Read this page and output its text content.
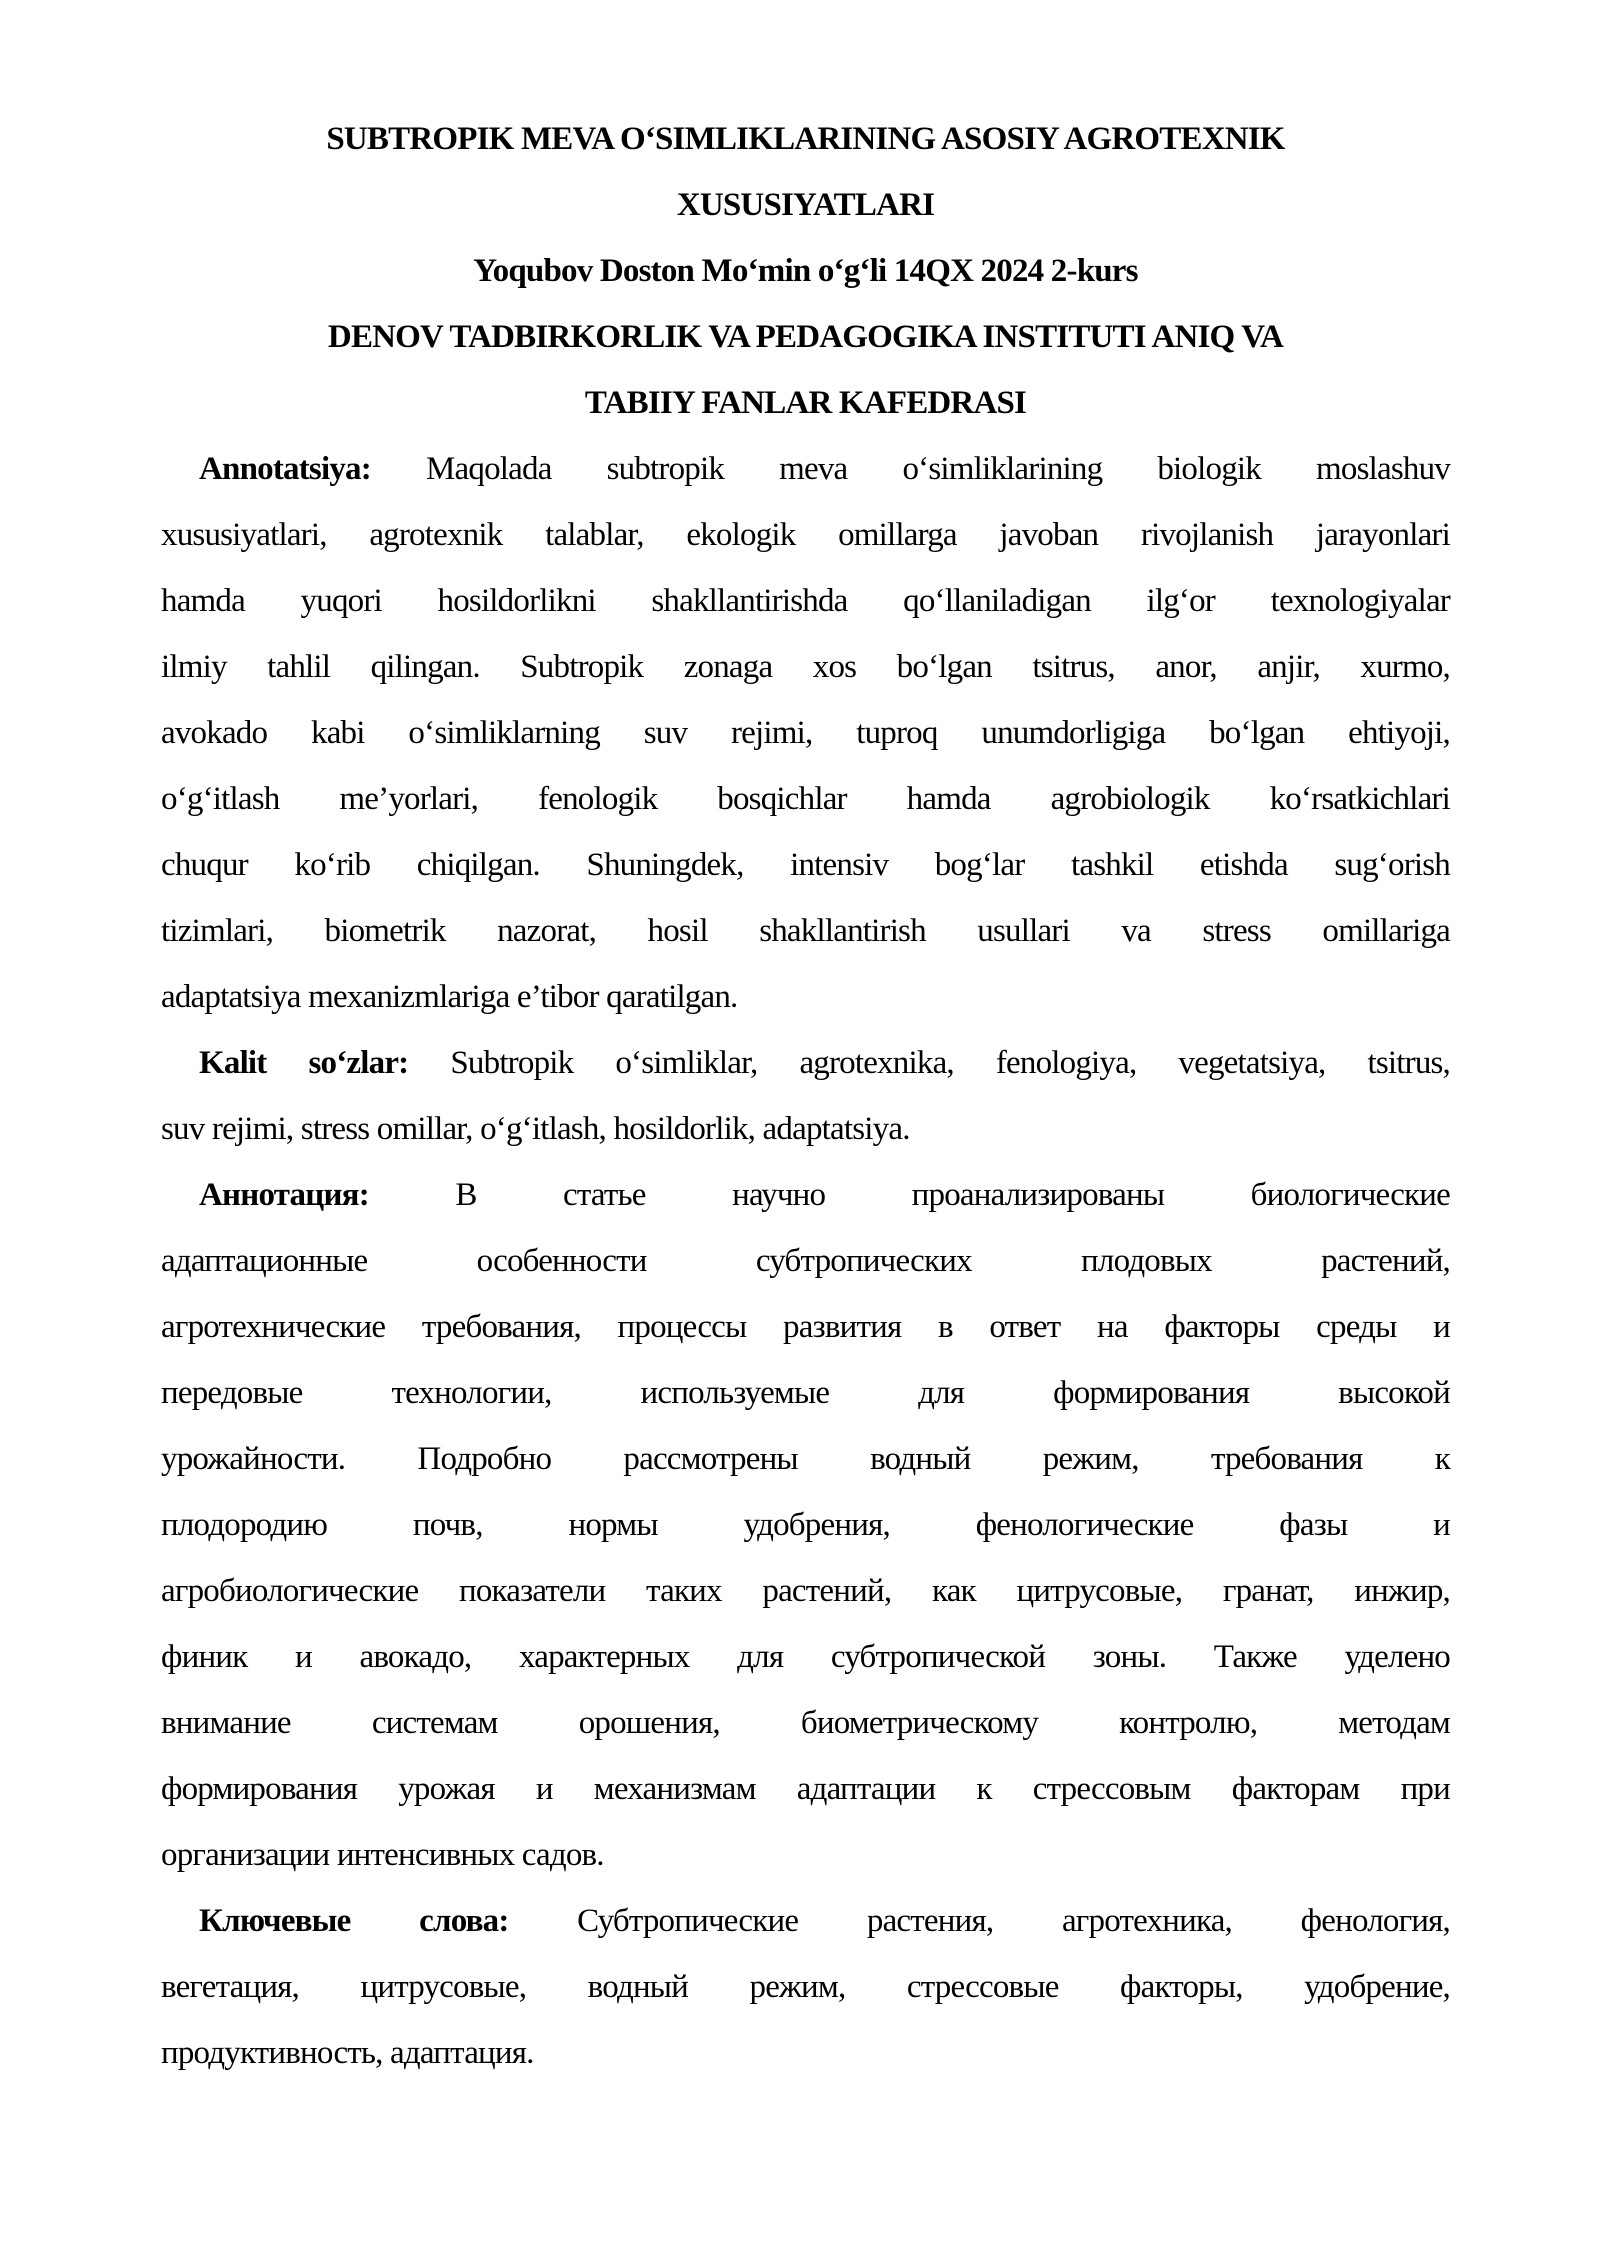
SUBTROPIK MEVA O‘SIMLIKLARINING ASOSIY AGROTEXNIK
XUSUSIYATLARI
Yoqubov Doston Mo‘min o‘g‘li 14QX 2024 2-kurs
DENOV TADBIRKORLIK VA PEDAGOGIKA INSTITUTI ANIQ VA
TABIIY FANLAR KAFEDRASI
Annotatsiya: Maqolada subtropik meva o‘simliklarining biologik moslashuv
xususiyatlari, agrotexnik talablar, ekologik omillarga javoban rivojlanish jarayonlari
hamda yuqori hosildorlikni shakllantirishda qo‘llaniladigan ilg‘or texnologiyalar
ilmiy tahlil qilingan. Subtropik zonaga xos bo‘lgan tsitrus, anor, anjir, xurmo,
avokado kabi o‘simliklarning suv rejimi, tuproq unumdorligiga bo‘lgan ehtiyoji,
o‘g‘itlash me’yorlari, fenologik bosqichlar hamda agrobiologik ko‘rsatkichlari
chuqur ko‘rib chiqilgan. Shuningdek, intensiv bog‘lar tashkil etishda sug‘orish
tizimlari, biometrik nazorat, hosil shakllantirish usullari va stress omillariga
adaptatsiya mexanizmlariga e’tibor qaratilgan.
Kalit so‘zlar: Subtropik o‘simliklar, agrotexnika, fenologiya, vegetatsiya, tsitrus,
suv rejimi, stress omillar, o‘g‘itlash, hosildorlik, adaptatsiya.
Аннотация: В статье научно проанализированы биологические
адаптационные особенности субтропических плодовых растений,
агротехнические требования, процессы развития в ответ на факторы среды и
передовые технологии, используемые для формирования высокой
урожайности. Подробно рассмотрены водный режим, требования к
плодородию почв, нормы удобрения, фенологические фазы и
агробиологические показатели таких растений, как цитрусовые, гранат, инжир,
финик и авокадо, характерных для субтропической зоны. Также уделено
внимание системам орошения, биометрическому контролю, методам
формирования урожая и механизмам адаптации к стрессовым факторам при
организации интенсивных садов.
Ключевые слова: Субтропические растения, агротехника, фенология,
вегетация, цитрусовые, водный режим, стрессовые факторы, удобрение,
продуктивность, адаптация.
